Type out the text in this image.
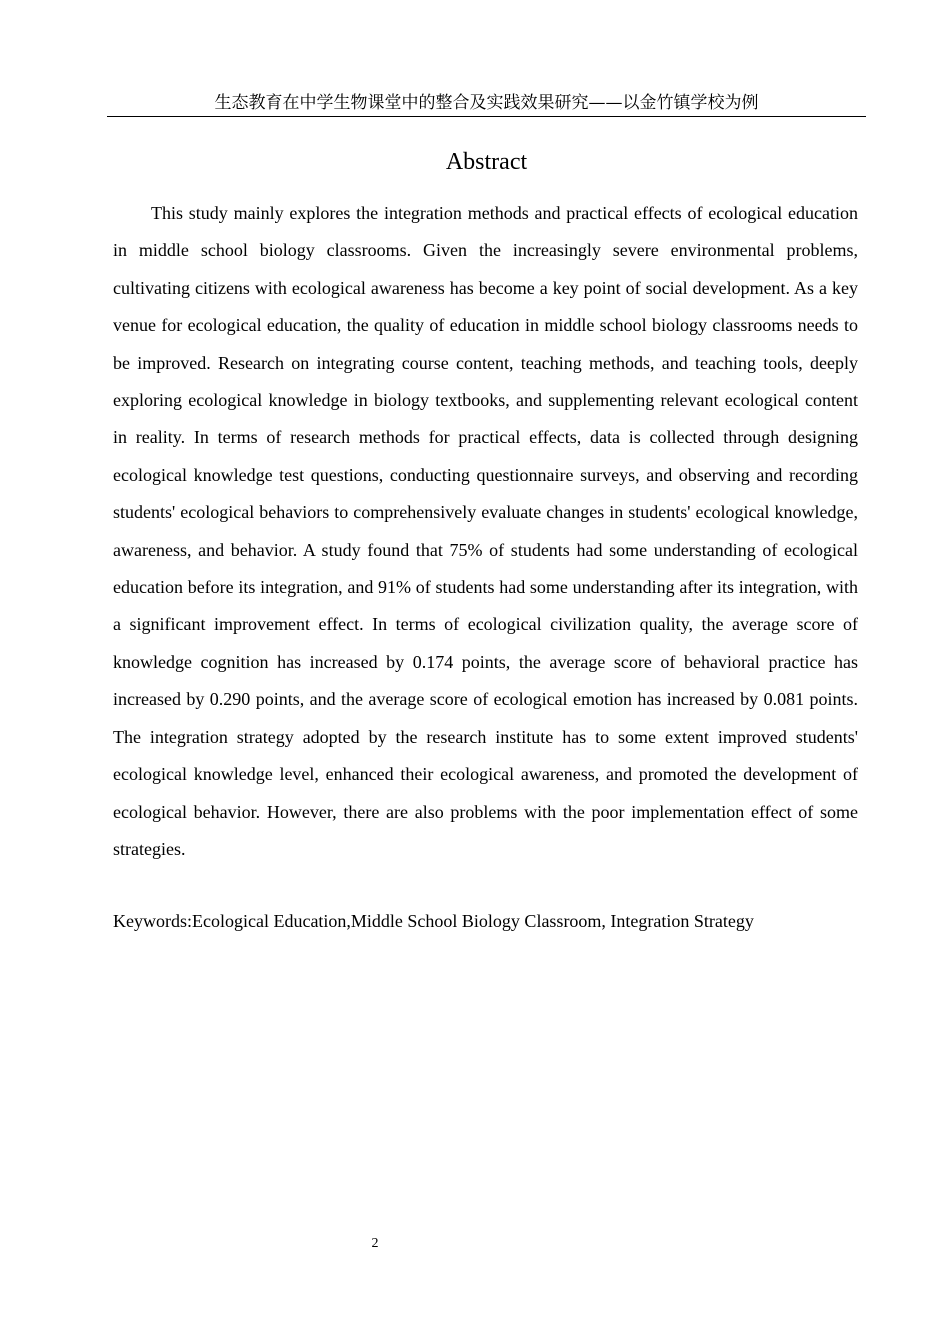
生态教育在中学生物课堂中的整合及实践效果研究——以金竹镇学校为例
Abstract

This study mainly explores the integration methods and practical effects of ecological education in middle school biology classrooms. Given the increasingly severe environmental problems, cultivating citizens with ecological awareness has become a key point of social development. As a key venue for ecological education, the quality of education in middle school biology classrooms needs to be improved. Research on integrating course content, teaching methods, and teaching tools, deeply exploring ecological knowledge in biology textbooks, and supplementing relevant ecological content in reality. In terms of research methods for practical effects, data is collected through designing ecological knowledge test questions, conducting questionnaire surveys, and observing and recording students' ecological behaviors to comprehensively evaluate changes in students' ecological knowledge, awareness, and behavior. A study found that 75% of students had some understanding of ecological education before its integration, and 91% of students had some understanding after its integration, with a significant improvement effect. In terms of ecological civilization quality, the average score of knowledge cognition has increased by 0.174 points, the average score of behavioral practice has increased by 0.290 points, and the average score of ecological emotion has increased by 0.081 points. The integration strategy adopted by the research institute has to some extent improved students' ecological knowledge level, enhanced their ecological awareness, and promoted the development of ecological behavior. However, there are also problems with the poor implementation effect of some strategies.

Keywords:Ecological Education,Middle School Biology Classroom, Integration Strategy
2
